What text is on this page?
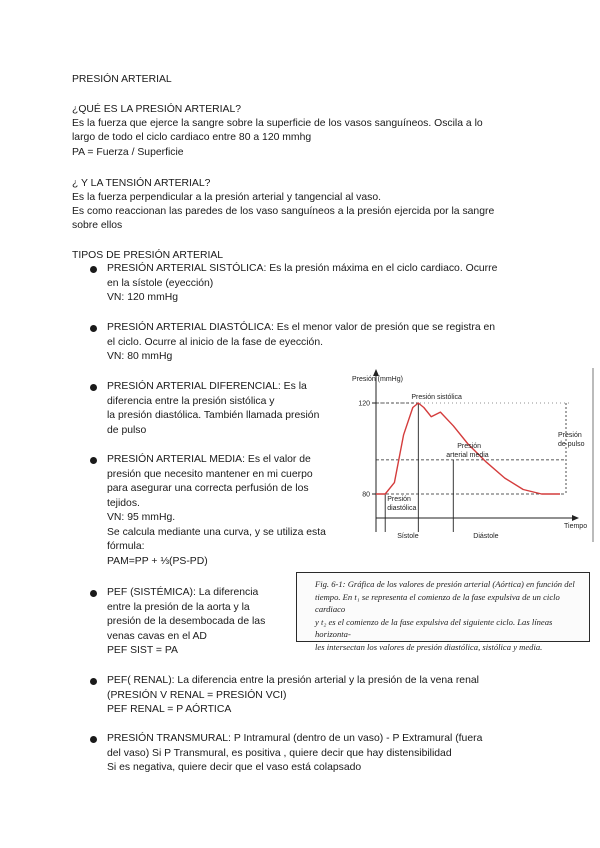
PRESIÓN ARTERIAL
¿QUÉ ES LA PRESIÓN ARTERIAL?
Es la fuerza que ejerce la sangre sobre la superficie de los vasos sanguíneos. Oscila a lo
largo de todo el ciclo cardiaco entre 80 a 120 mmhg
PA = Fuerza / Superficie
¿ Y LA TENSIÓN ARTERIAL?
Es la fuerza perpendicular a la presión arterial y tangencial al vaso.
Es como reaccionan las paredes de los vaso sanguíneos a la presión ejercida por la sangre
sobre ellos
TIPOS DE PRESIÓN ARTERIAL
PRESIÓN ARTERIAL SISTÓLICA: Es la presión máxima en el ciclo cardiaco. Ocurre
en la sístole (eyección)
VN: 120 mmHg
PRESIÓN ARTERIAL DIASTÓLICA: Es el menor valor de presión que se registra en
el ciclo. Ocurre al inicio de la fase de eyección.
VN: 80 mmHg
PRESIÓN ARTERIAL DIFERENCIAL: Es la
diferencia entre la presión sistólica y
la presión diastólica. También llamada presión
de pulso
PRESIÓN ARTERIAL MEDIA: Es el valor de
presión que necesito mantener en mi cuerpo
para asegurar una correcta perfusión de los
tejidos.
VN: 95 mmHg.
Se calcula mediante una curva, y se utiliza esta
fórmula:
PAM=PP + ⅓(PS-PD)
PEF (SISTÉMICA): La diferencia
entre la presión de la aorta y la
presión de la desembocada de las
venas cavas en el AD
PEF SIST = PA
PEF( RENAL): La diferencia entre la presión arterial y la presión de la vena renal
(PRESIÓN V RENAL = PRESIÓN VCI)
PEF RENAL = P AÓRTICA
PRESIÓN TRANSMURAL: P Intramural (dentro de un vaso) - P Extramural (fuera
del vaso) Si P Transmural, es positiva , quiere decir que hay distensibilidad
Si es negativa, quiere decir que el vaso está colapsado
Presión (mmHg)
Tiempo
80
120
Presión sistólica
Presión
arterial media
Presión
de pulso
Presión
diastólica
Sístole	Diástole
Fig. 6-1: Gráfica de los valores de presión arterial (Aórtica) en función del
tiempo. En t₁ se representa el comienzo de la fase expulsiva de un ciclo cardiaco
y t₂ es el comienzo de la fase expulsiva del siguiente ciclo. Las líneas horizonta-
les intersectan los valores de presión diastólica, sistólica y media.
